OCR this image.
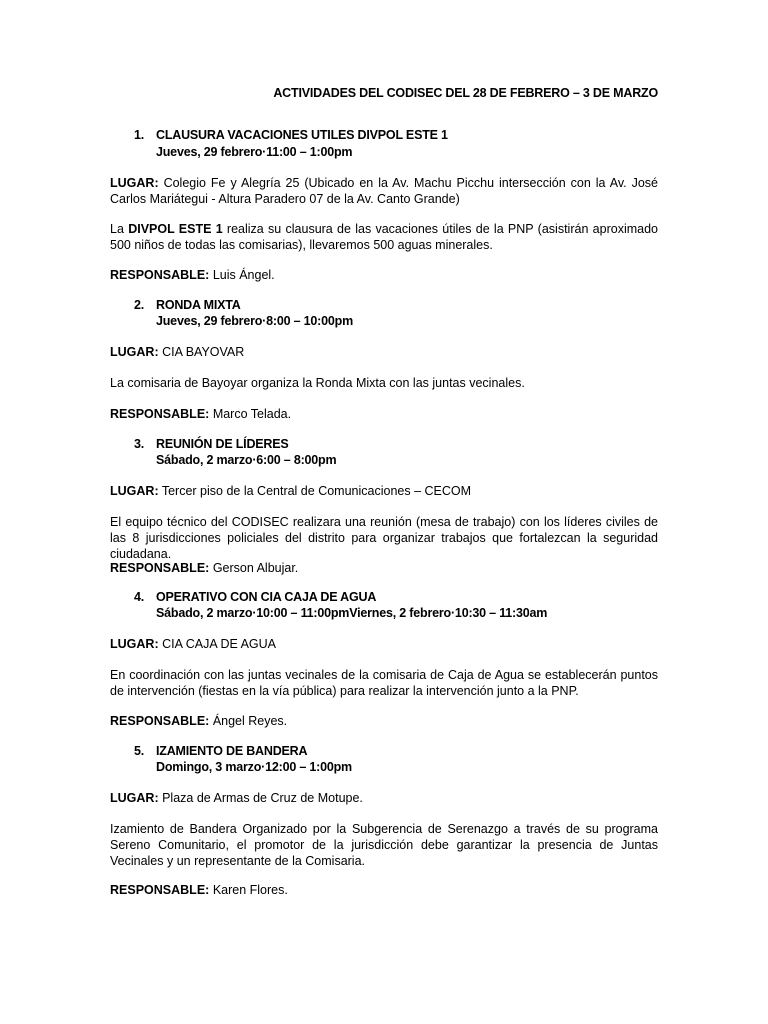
ACTIVIDADES DEL CODISEC DEL 28 DE FEBRERO – 3 DE MARZO
1. CLAUSURA VACACIONES UTILES DIVPOL ESTE 1
Jueves, 29 febrero·11:00 – 1:00pm
LUGAR: Colegio Fe y Alegría 25 (Ubicado en la Av. Machu Picchu intersección con la Av. José Carlos Mariátegui - Altura Paradero 07 de la Av. Canto Grande)
La DIVPOL ESTE 1 realiza su clausura de las vacaciones útiles de la PNP (asistirán aproximado 500 niños de todas las comisarias), llevaremos 500 aguas minerales.
RESPONSABLE: Luis Ángel.
2. RONDA MIXTA
Jueves, 29 febrero·8:00 – 10:00pm
LUGAR: CIA BAYOVAR
La comisaria de Bayoyar organiza la Ronda Mixta con las juntas vecinales.
RESPONSABLE: Marco Telada.
3. REUNIÓN DE LÍDERES
Sábado, 2 marzo·6:00 – 8:00pm
LUGAR: Tercer piso de la Central de Comunicaciones – CECOM
El equipo técnico del CODISEC realizara una reunión (mesa de trabajo) con los líderes civiles de las 8 jurisdicciones policiales del distrito para organizar trabajos que fortalezcan la seguridad ciudadana.
RESPONSABLE: Gerson Albujar.
4. OPERATIVO CON CIA CAJA DE AGUA
Sábado, 2 marzo·10:00 – 11:00pmViernes, 2 febrero·10:30 – 11:30am
LUGAR: CIA CAJA DE AGUA
En coordinación con las juntas vecinales de la comisaria de Caja de Agua se establecerán puntos de intervención (fiestas en la vía pública) para realizar la intervención junto a la PNP.
RESPONSABLE: Ángel Reyes.
5. IZAMIENTO DE BANDERA
Domingo, 3 marzo·12:00 – 1:00pm
LUGAR: Plaza de Armas de Cruz de Motupe.
Izamiento de Bandera Organizado por la Subgerencia de Serenazgo a través de su programa Sereno Comunitario, el promotor de la jurisdicción debe garantizar la presencia de Juntas Vecinales y un representante de la Comisaria.
RESPONSABLE: Karen Flores.
